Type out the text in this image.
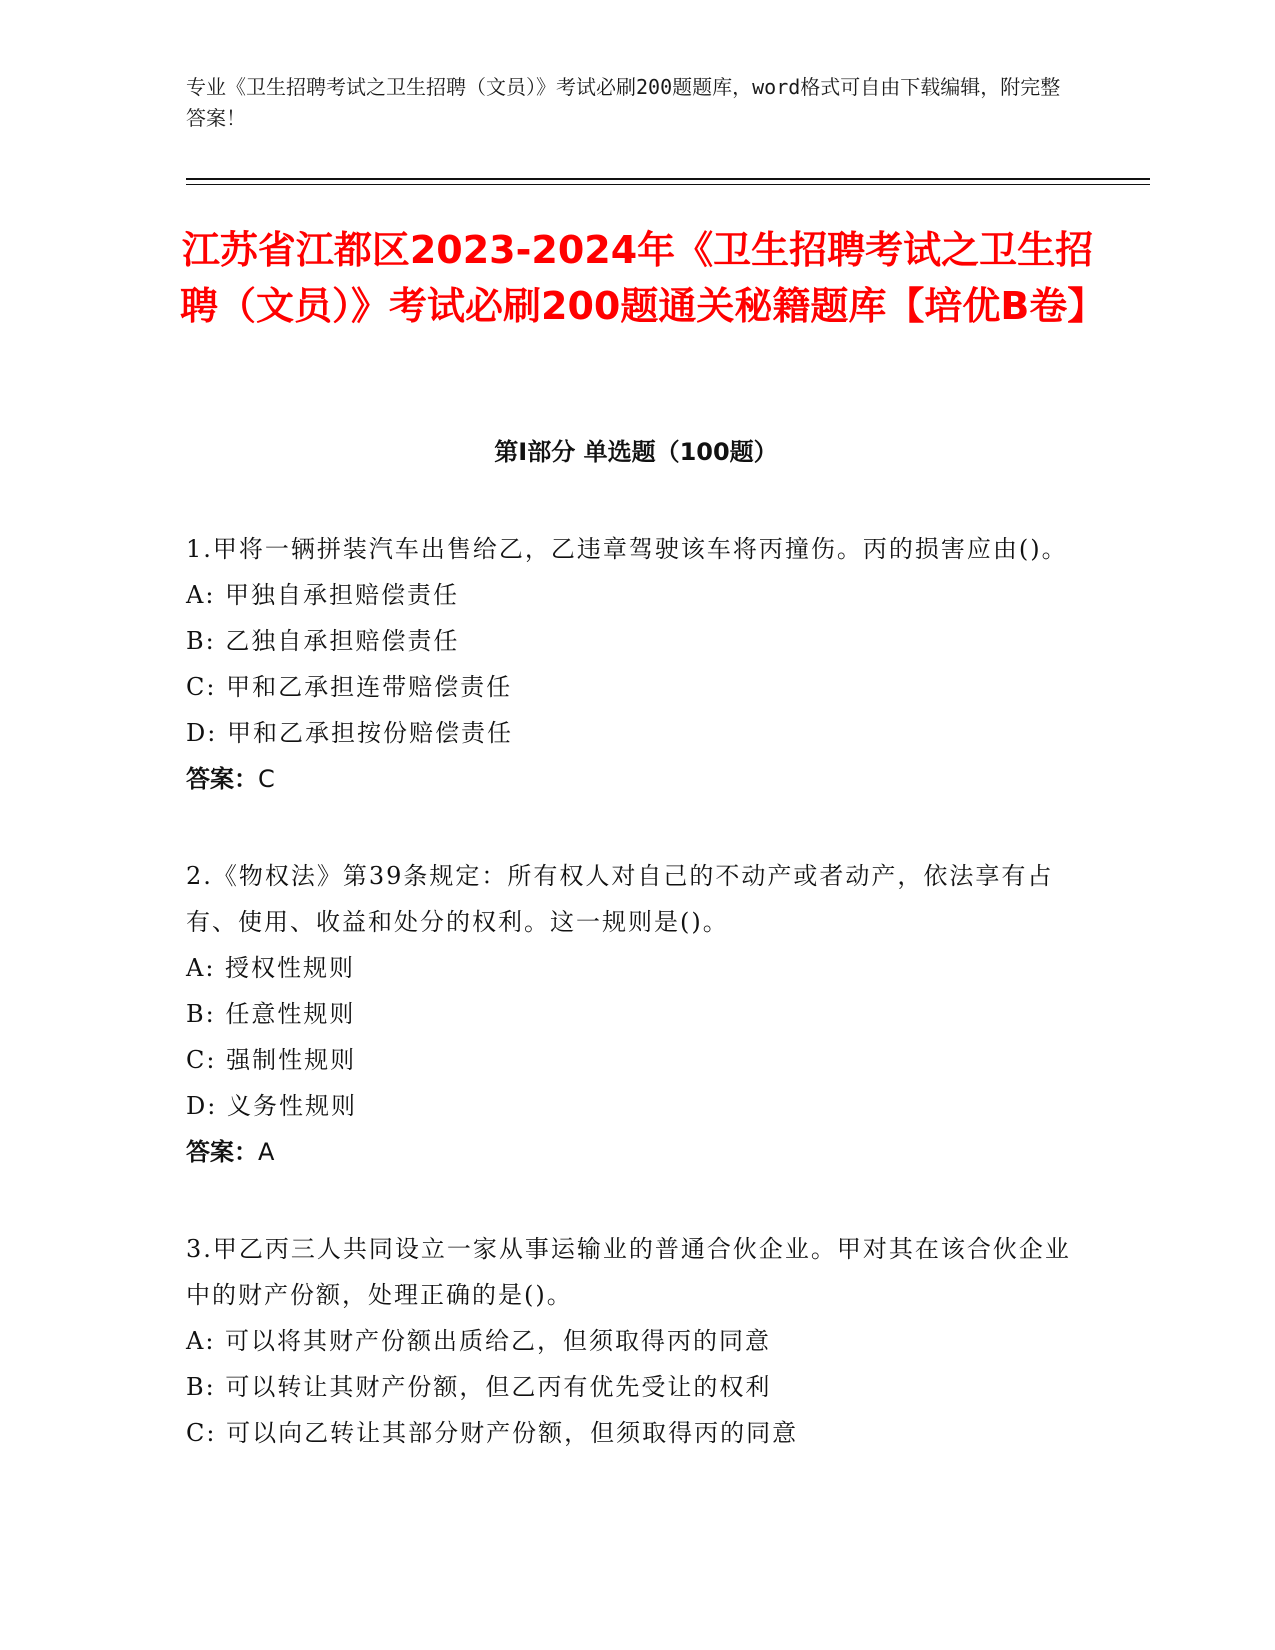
专业《卫生招聘考试之卫生招聘（文员）》考试必刷200题题库，word格式可自由下载编辑，附完整答案！
江苏省江都区2023-2024年《卫生招聘考试之卫生招聘（文员）》考试必刷200题通关秘籍题库【培优B卷】
第Ⅰ部分 单选题（100题）
1.甲将一辆拼装汽车出售给乙，乙违章驾驶该车将丙撞伤。丙的损害应由()。
A: 甲独自承担赔偿责任
B: 乙独自承担赔偿责任
C: 甲和乙承担连带赔偿责任
D: 甲和乙承担按份赔偿责任
答案：C
2.《物权法》第39条规定：所有权人对自己的不动产或者动产，依法享有占有、使用、收益和处分的权利。这一规则是()。
A: 授权性规则
B: 任意性规则
C: 强制性规则
D: 义务性规则
答案：A
3.甲乙丙三人共同设立一家从事运输业的普通合伙企业。甲对其在该合伙企业中的财产份额，处理正确的是()。
A: 可以将其财产份额出质给乙，但须取得丙的同意
B: 可以转让其财产份额，但乙丙有优先受让的权利
C: 可以向乙转让其部分财产份额，但须取得丙的同意
